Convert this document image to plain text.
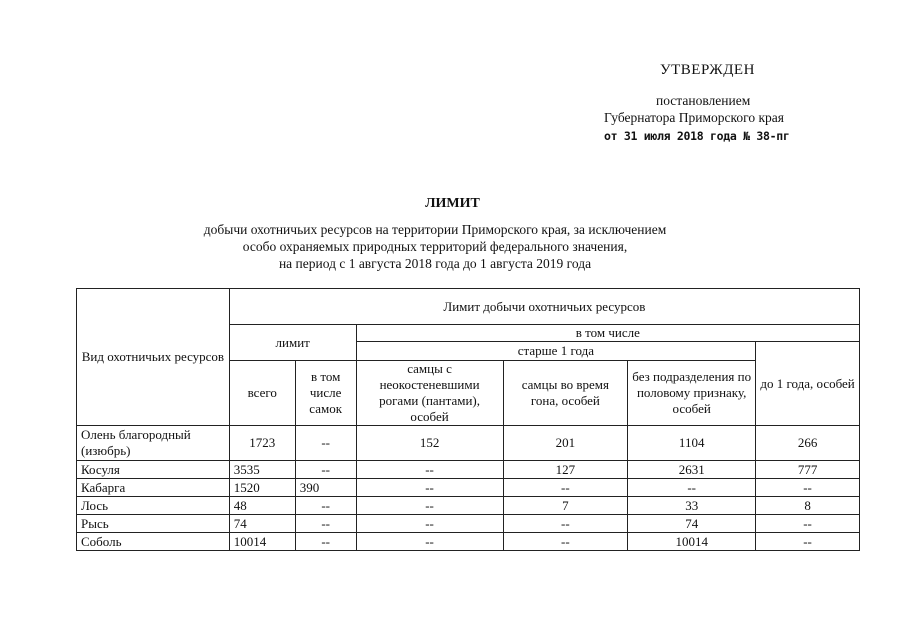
УТВЕРЖДЕН
постановлением
Губернатора Приморского края
от 31 июля 2018 года № 38-пг
ЛИМИТ
добычи охотничьих ресурсов на территории Приморского края, за исключением
особо охраняемых природных территорий федерального значения,
на период с 1 августа 2018 года до 1 августа 2019 года
Вид охотничьих ресурсов	Лимит добычи охотничьих ресурсов					
	лимит		в том числе			
			старше 1 года			до 1 года, особей
	всего	в том числе самок	самцы с неокостеневшими рогами (пантами), особей	самцы во время гона, особей	без подразделения по половому признаку, особей	
Олень благородный (изюбрь)	1723	--	152	201	1104	266
Косуля	3535	--	--	127	2631	777
Кабарга	1520	390	--	--	--	--
Лось	48	--	--	7	33	8
Рысь	74	--	--	--	74	--
Соболь	10014	--	--	--	10014	--
